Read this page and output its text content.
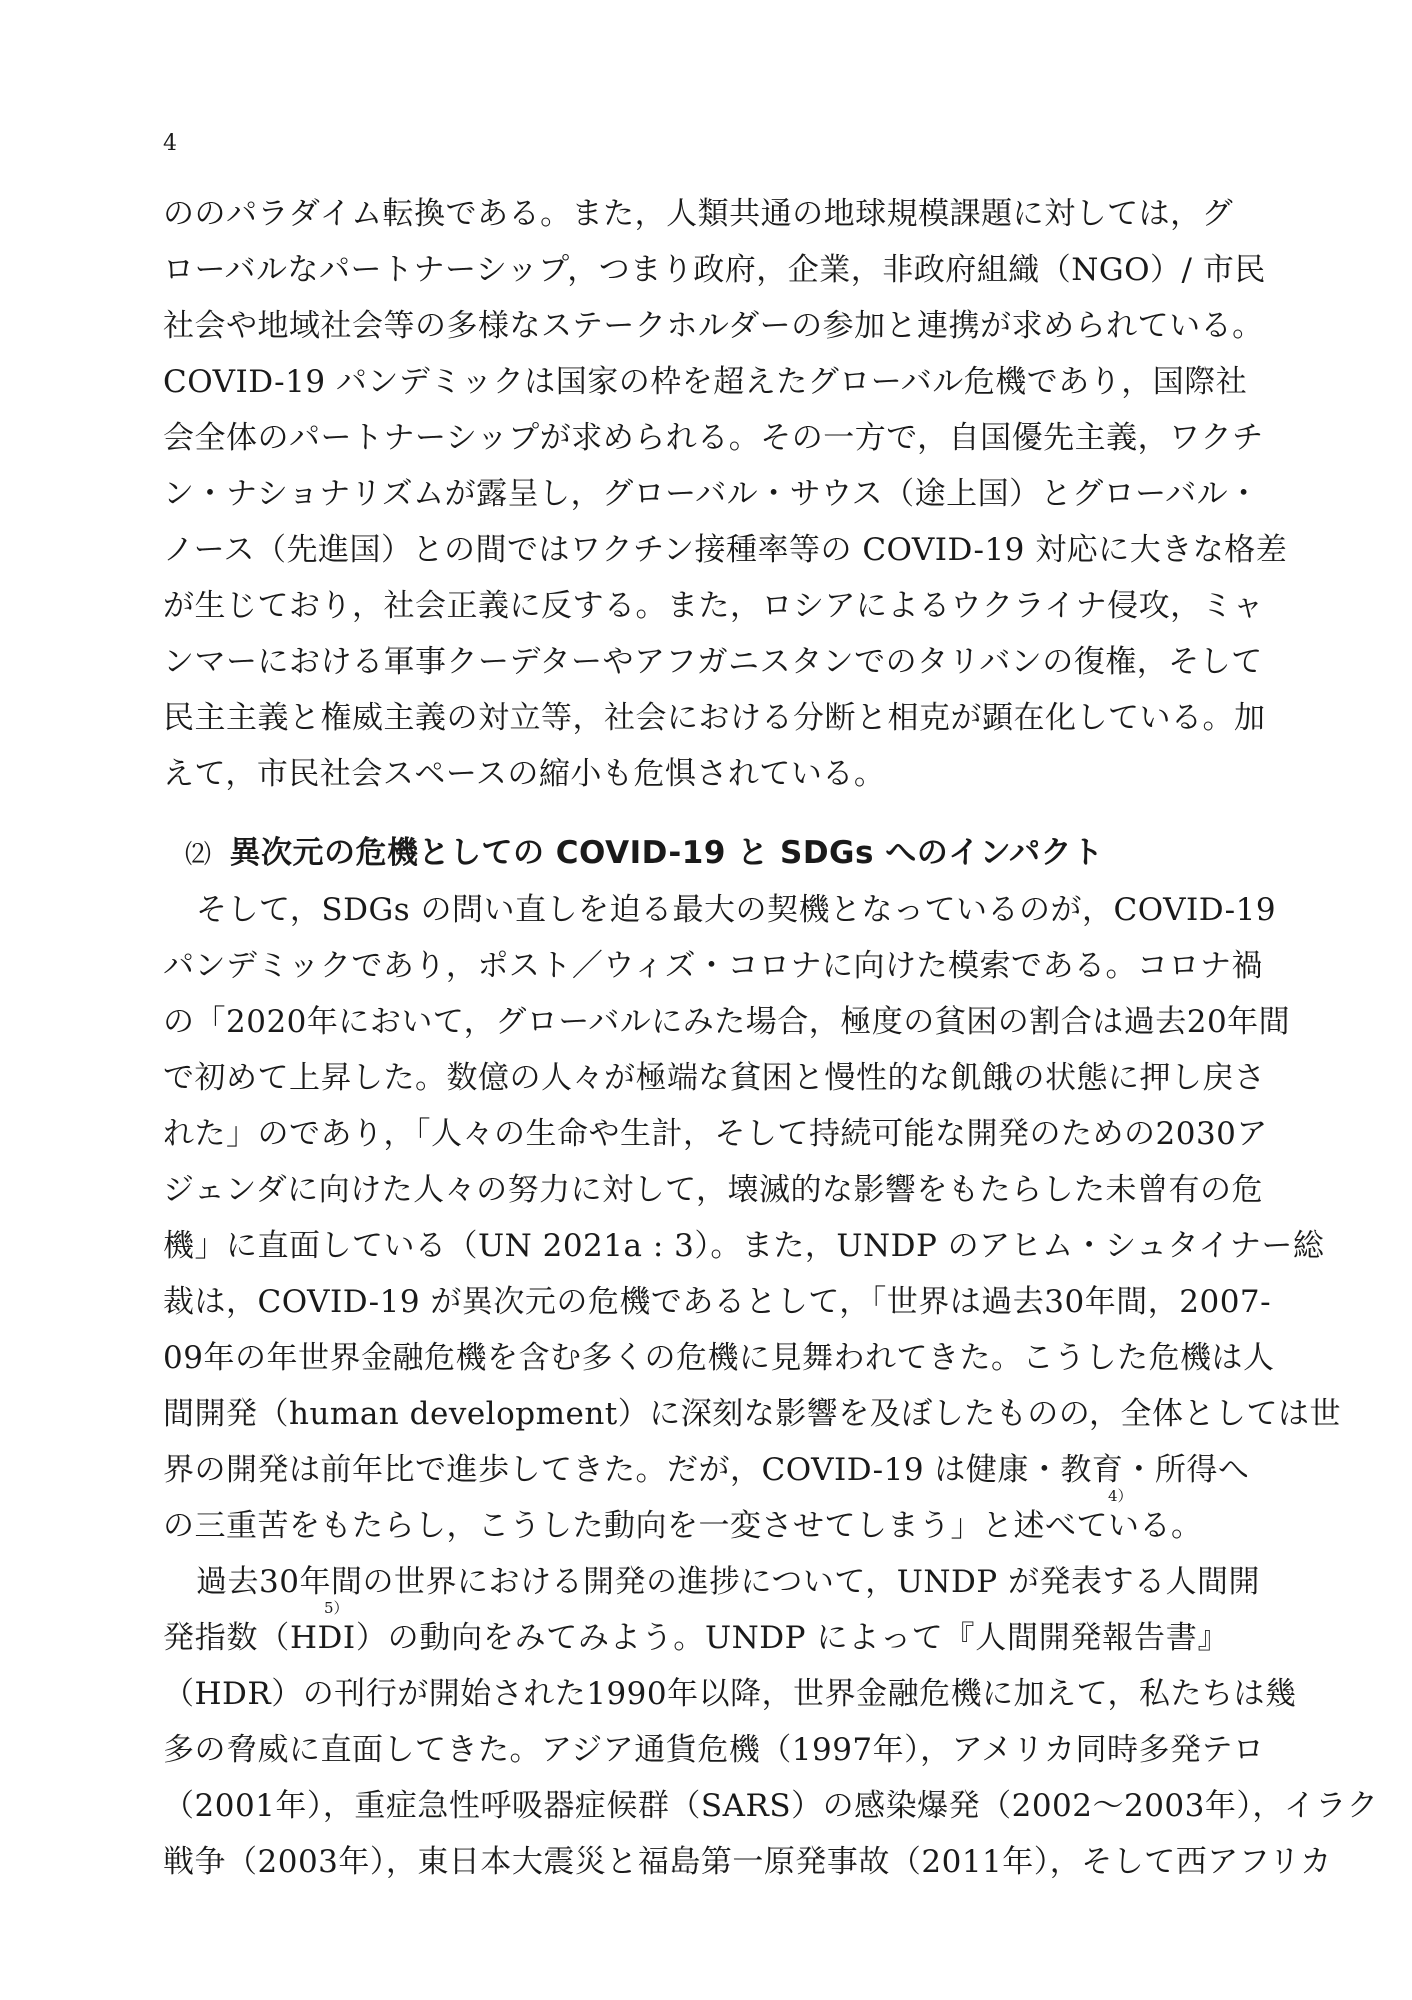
4
ののパラダイム転換である。また，人類共通の地球規模課題に対しては，グ
ローバルなパートナーシップ，つまり政府，企業，非政府組織（NGO）/ 市民
社会や地域社会等の多様なステークホルダーの参加と連携が求められている。
COVID-19 パンデミックは国家の枠を超えたグローバル危機であり，国際社
会全体のパートナーシップが求められる。その一方で，自国優先主義，ワクチ
ン・ナショナリズムが露呈し，グローバル・サウス（途上国）とグローバル・
ノース（先進国）との間ではワクチン接種率等の COVID-19 対応に大きな格差
が生じており，社会正義に反する。また，ロシアによるウクライナ侵攻，ミャ
ンマーにおける軍事クーデターやアフガニスタンでのタリバンの復権，そして
民主主義と権威主義の対立等，社会における分断と相克が顕在化している。加
えて，市民社会スペースの縮小も危惧されている。
⑵ 異次元の危機としての COVID-19 と SDGs へのインパクト
そして，SDGs の問い直しを迫る最大の契機となっているのが，COVID-19
パンデミックであり，ポスト／ウィズ・コロナに向けた模索である。コロナ禍
の「2020年において，グローバルにみた場合，極度の貧困の割合は過去20年間
で初めて上昇した。数億の人々が極端な貧困と慢性的な飢餓の状態に押し戻さ
れた」のであり，「人々の生命や生計，そして持続可能な開発のための2030ア
ジェンダに向けた人々の努力に対して，壊滅的な影響をもたらした未曾有の危
機」に直面している（UN 2021a : 3）。また，UNDP のアヒム・シュタイナー総
裁は，COVID-19 が異次元の危機であるとして，「世界は過去30年間，2007-
09年の年世界金融危機を含む多くの危機に見舞われてきた。こうした危機は人
間開発（human development）に深刻な影響を及ぼしたものの，全体としては世
界の開発は前年比で進歩してきた。だが，COVID-19 は健康・教育・所得へ
の三重苦をもたらし，こうした動向を一変させてしまう」と述べている。
4）
過去30年間の世界における開発の進捗について，UNDP が発表する人間開
発指数（HDI）の動向をみてみよう。UNDP によって『人間開発報告書』
5）
（HDR）の刊行が開始された1990年以降，世界金融危機に加えて，私たちは幾
多の脅威に直面してきた。アジア通貨危機（1997年），アメリカ同時多発テロ
（2001年），重症急性呼吸器症候群（SARS）の感染爆発（2002～2003年），イラク
戦争（2003年），東日本大震災と福島第一原発事故（2011年），そして西アフリカ
